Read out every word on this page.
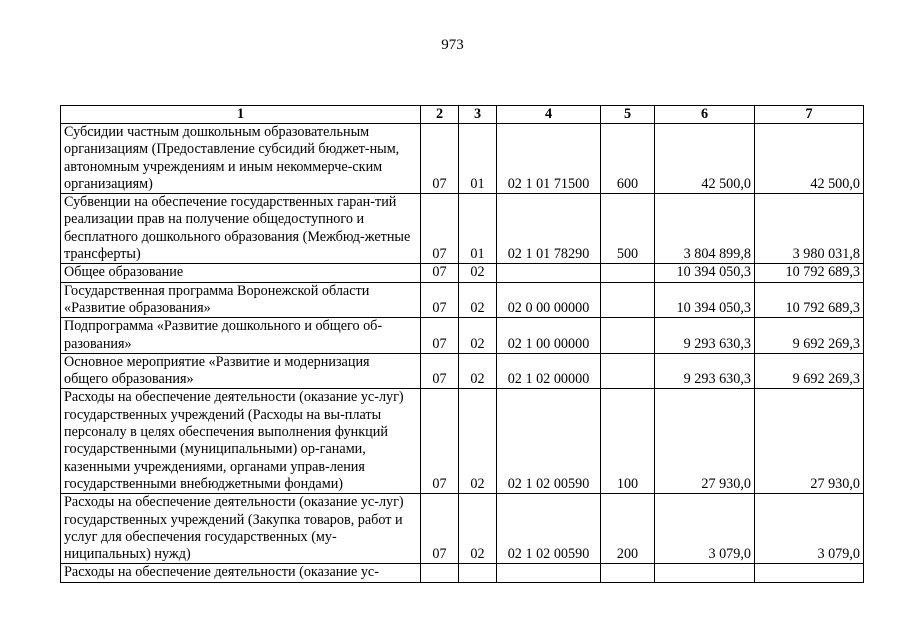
973
1	2	3	4	5	6	7
Субсидии частным дошкольным образовательным организациям (Предоставление субсидий бюджет-ным, автономным учреждениям и иным некоммерче-ским организациям)	07	01	02 1 01 71500	600	42 500,0	42 500,0
Субвенции на обеспечение государственных гаран-тий реализации прав на получение общедоступного и бесплатного дошкольного образования (Межбюд-жетные трансферты)	07	01	02 1 01 78290	500	3 804 899,8	3 980 031,8
Общее образование	07	02			10 394 050,3	10 792 689,3
Государственная программа Воронежской области «Развитие образования»	07	02	02 0 00 00000		10 394 050,3	10 792 689,3
Подпрограмма «Развитие дошкольного и общего об-разования»	07	02	02 1 00 00000		9 293 630,3	9 692 269,3
Основное мероприятие «Развитие и модернизация общего образования»	07	02	02 1 02 00000		9 293 630,3	9 692 269,3
Расходы на обеспечение деятельности (оказание ус-луг) государственных учреждений (Расходы на вы-платы персоналу в целях обеспечения выполнения функций государственными (муниципальными) ор-ганами, казенными учреждениями, органами управ-ления государственными внебюджетными фондами)	07	02	02 1 02 00590	100	27 930,0	27 930,0
Расходы на обеспечение деятельности (оказание ус-луг) государственных учреждений (Закупка товаров, работ и услуг для обеспечения государственных (му-ниципальных) нужд)	07	02	02 1 02 00590	200	3 079,0	3 079,0
Расходы на обеспечение деятельности (оказание ус-						
